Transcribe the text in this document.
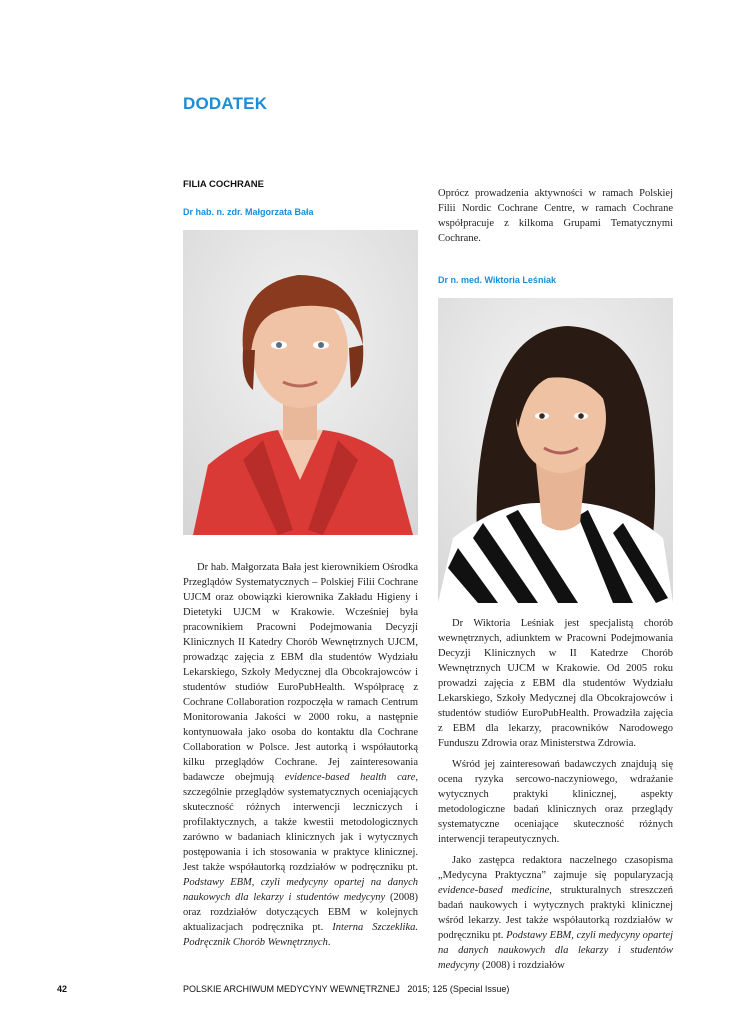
DODATEK
FILIA COCHRANE
Dr hab. n. zdr. Małgorzata Bała

Dr hab. Małgorzata Bała jest kierownikiem Ośrodka Przeglądów Systematycznych – Polskiej Filii Cochrane UJCM oraz obowiązki kierownika Zakładu Higieny i Dietetyki UJCM w Krakowie. Wcześniej była pracownikiem Pracowni Podejmowania Decyzji Klinicznych II Katedry Chorób Wewnętrznych UJCM, prowadząc zajęcia z EBM dla studentów Wydziału Lekarskiego, Szkoły Medycznej dla Obcokrajowców i studentów studiów EuroPubHealth. Współpracę z Cochrane Collaboration rozpoczęła w ramach Centrum Monitorowania Jakości w 2000 roku, a następnie kontynuowała jako osoba do kontaktu dla Cochrane Collaboration w Polsce. Jest autorką i współautorką kilku przeglądów Cochrane. Jej zainteresowania badawcze obejmują evidence-based health care, szczególnie przeglądów systematycznych oceniających skuteczność różnych interwencji leczniczych i profilaktycznych, a także kwestii metodologicznych zarówno w badaniach klinicznych jak i wytycznych postępowania i ich stosowania w praktyce klinicznej. Jest także współautorką rozdziałów w podręczniku pt. Podstawy EBM, czyli medycyny opartej na danych naukowych dla lekarzy i studentów medycyny (2008) oraz rozdziałów dotyczących EBM w kolejnych aktualizacjach podręcznika pt. Interna Szczeklika. Podręcznik Chorób Wewnętrznych.

Oprócz prowadzenia aktywności w ramach Polskiej Filii Nordic Cochrane Centre, w ramach Cochrane współpracuje z kilkoma Grupami Tematycznymi Cochrane.

Dr n. med. Wiktoria Leśniak

Dr Wiktoria Leśniak jest specjalistą chorób wewnętrznych, adiunktem w Pracowni Podejmowania Decyzji Klinicznych w II Katedrze Chorób Wewnętrznych UJCM w Krakowie. Od 2005 roku prowadzi zajęcia z EBM dla studentów Wydziału Lekarskiego, Szkoły Medycznej dla Obcokrajowców i studentów studiów EuroPubHealth. Prowadziła zajęcia z EBM dla lekarzy, pracowników Narodowego Funduszu Zdrowia oraz Ministerstwa Zdrowia.

Wśród jej zainteresowań badawczych znajdują się ocena ryzyka sercowo-naczyniowego, wdrażanie wytycznych praktyki klinicznej, aspekty metodologiczne badań klinicznych oraz przeglądy systematyczne oceniające skuteczność różnych interwencji terapeutycznych.

Jako zastępca redaktora naczelnego czasopisma „Medycyna Praktyczna” zajmuje się popularyzacją evidence-based medicine, strukturalnych streszczeń badań naukowych i wytycznych praktyki klinicznej wśród lekarzy. Jest także współautorką rozdziałów w podręczniku pt. Podstawy EBM, czyli medycyny opartej na danych naukowych dla lekarzy i studentów medycyny (2008) i rozdziałów

42	POLSKIE ARCHIWUM MEDYCYNY WEWNĘTRZNEJ   2015; 125 (Special Issue)
